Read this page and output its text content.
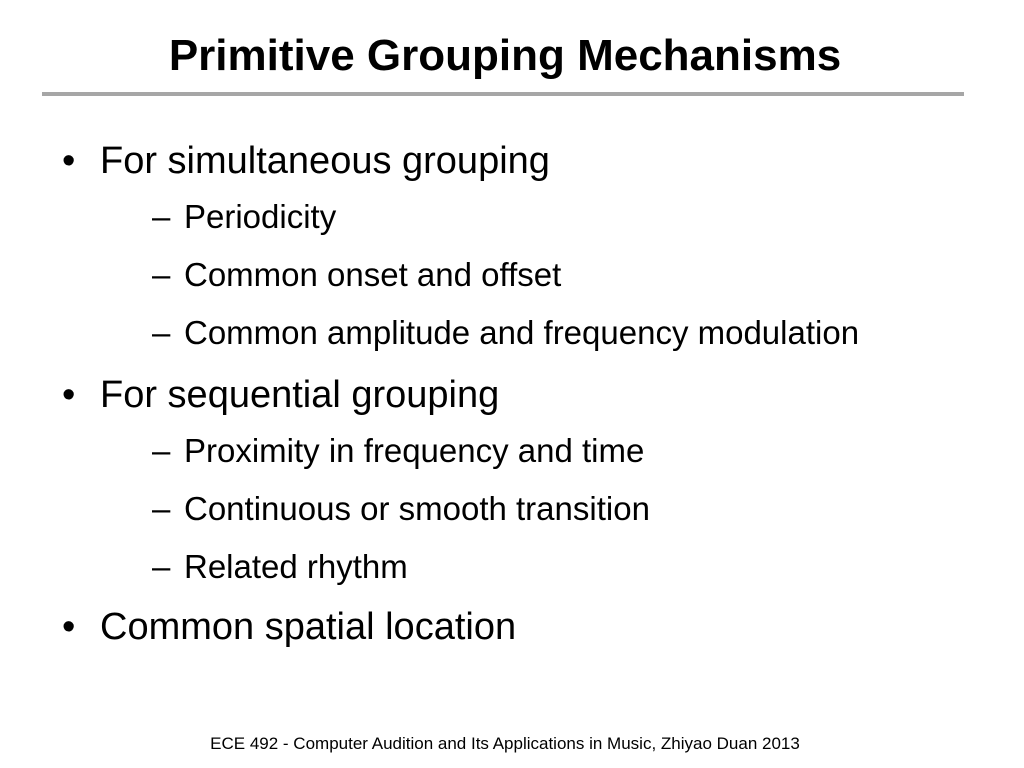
Primitive Grouping Mechanisms
• For simultaneous grouping
– Periodicity
– Common onset and offset
– Common amplitude and frequency modulation
• For sequential grouping
– Proximity in frequency and time
– Continuous or smooth transition
– Related rhythm
• Common spatial location
ECE 492 - Computer Audition and Its Applications in Music, Zhiyao Duan 2013
